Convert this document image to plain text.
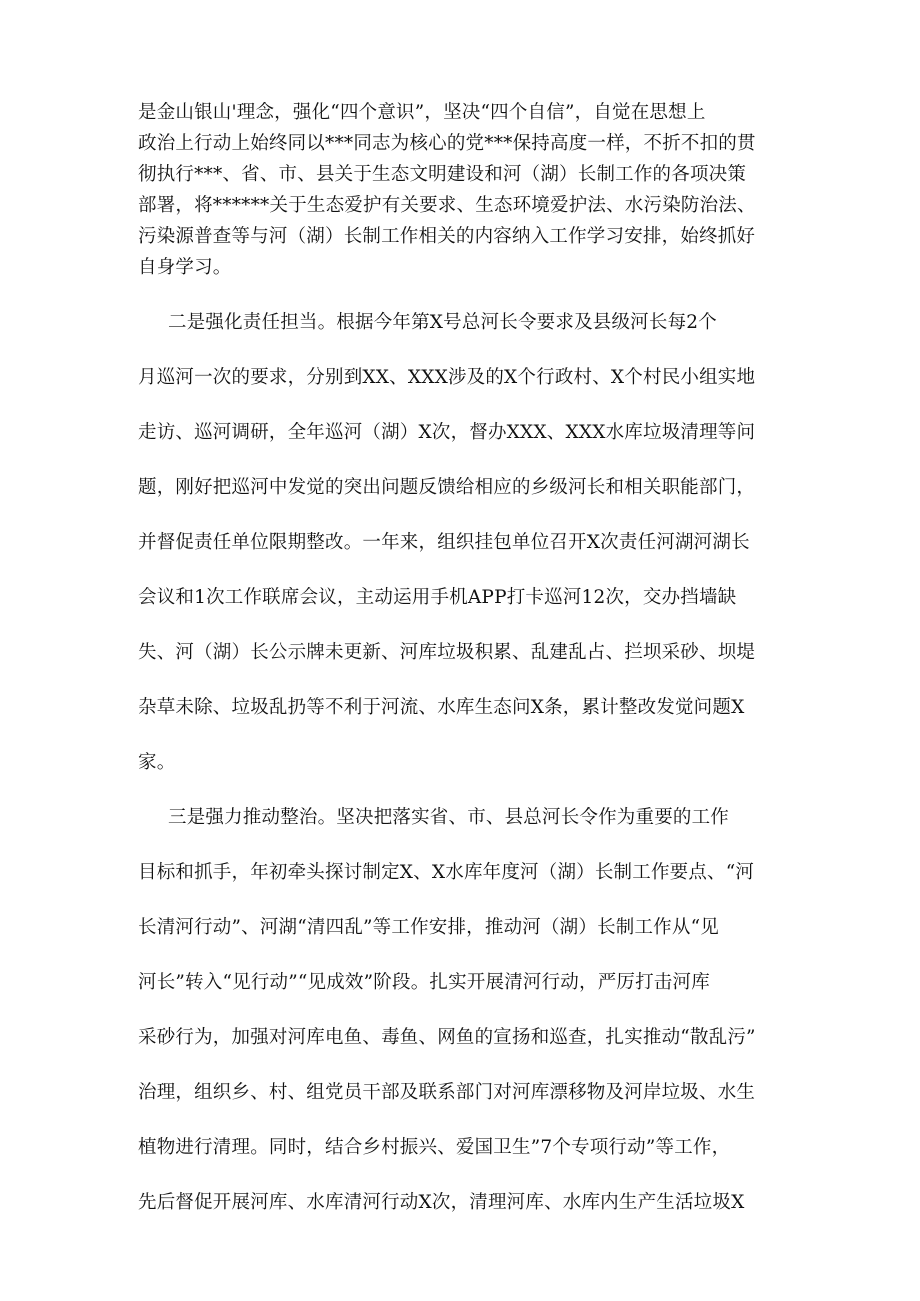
是金山银山'理念，强化“四个意识”，坚决“四个自信”，自觉在思想上
政治上行动上始终同以***同志为核心的党***保持高度一样，不折不扣的贯
彻执行***、省、市、县关于生态文明建设和河（湖）长制工作的各项决策
部署，将******关于生态爱护有关要求、生态环境爱护法、水污染防治法、
污染源普查等与河（湖）长制工作相关的内容纳入工作学习安排，始终抓好
自身学习。
二是强化责任担当。根据今年第X号总河长令要求及县级河长每2个
月巡河一次的要求，分别到XX、XXX涉及的X个行政村、X个村民小组实地
走访、巡河调研，全年巡河（湖）X次，督办XXX、XXX水库垃圾清理等问
题，刚好把巡河中发觉的突出问题反馈给相应的乡级河长和相关职能部门，
并督促责任单位限期整改。一年来，组织挂包单位召开X次责任河湖河湖长
会议和1次工作联席会议，主动运用手机APP打卡巡河12次，交办挡墙缺
失、河（湖）长公示牌未更新、河库垃圾积累、乱建乱占、拦坝采砂、坝堤
杂草未除、垃圾乱扔等不利于河流、水库生态问X条，累计整改发觉问题X
家。
三是强力推动整治。坚决把落实省、市、县总河长令作为重要的工作
目标和抓手，年初牵头探讨制定X、X水库年度河（湖）长制工作要点、“河
长清河行动”、河湖“清四乱”等工作安排，推动河（湖）长制工作从“见
河长”转入“见行动”“见成效”阶段。扎实开展清河行动，严厉打击河库
采砂行为，加强对河库电鱼、毒鱼、网鱼的宣扬和巡查，扎实推动“散乱污”
治理，组织乡、村、组党员干部及联系部门对河库漂移物及河岸垃圾、水生
植物进行清理。同时，结合乡村振兴、爱国卫生”7个专项行动”等工作，
先后督促开展河库、水库清河行动X次，清理河库、水库内生产生活垃圾X
